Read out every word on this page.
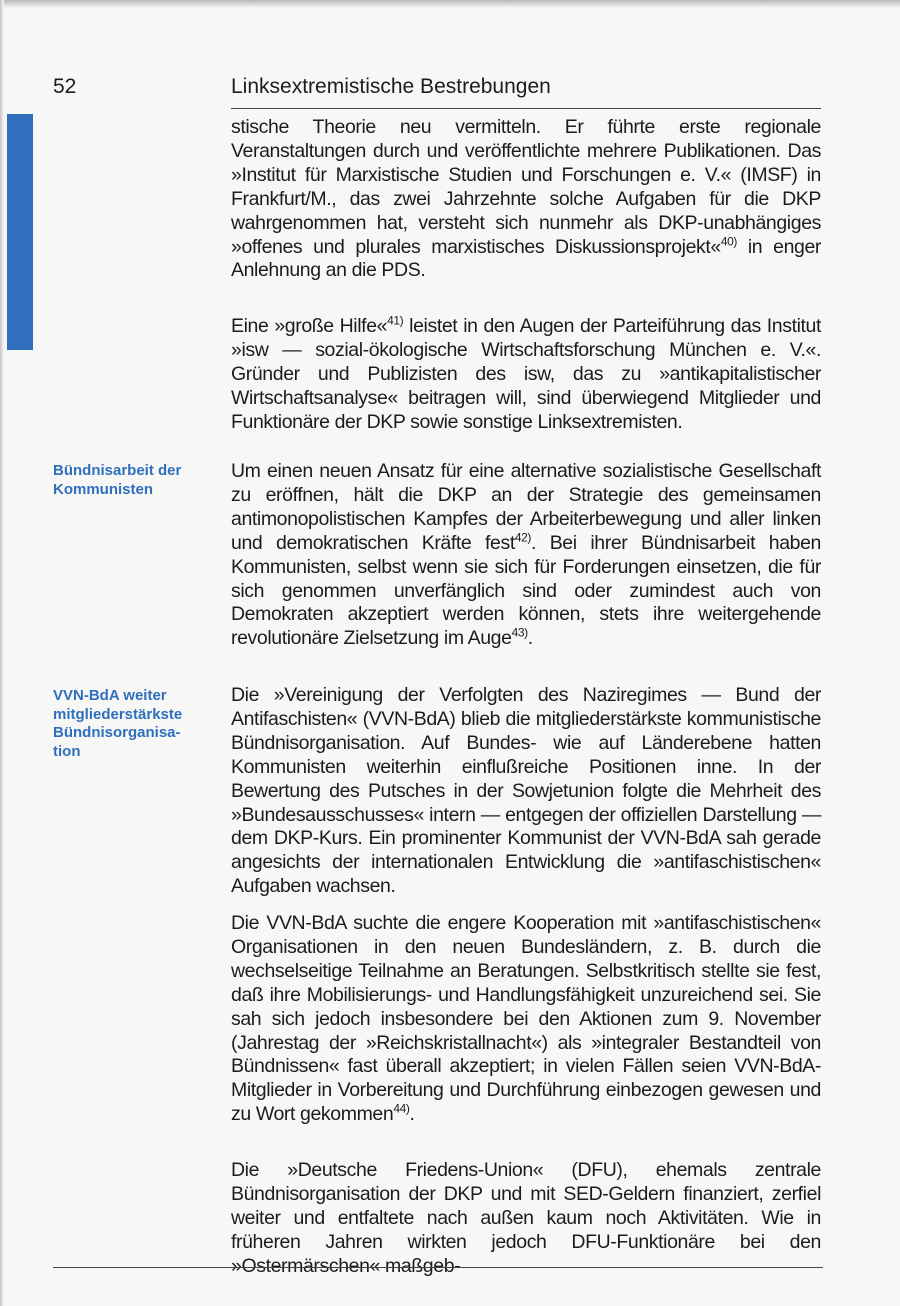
52	Linksextremistische Bestrebungen

stische Theorie neu vermitteln. Er führte erste regionale Veranstaltungen durch und veröffentlichte mehrere Publikationen. Das »Institut für Marxistische Studien und Forschungen e. V.« (IMSF) in Frankfurt/M., das zwei Jahrzehnte solche Aufgaben für die DKP wahrgenommen hat, versteht sich nunmehr als DKP-unabhängiges »offenes und plurales marxistisches Diskussionsprojekt«$^{40)}$ in enger Anlehnung an die PDS.

Eine »große Hilfe«$^{41)}$ leistet in den Augen der Parteiführung das Institut »isw — sozial-ökologische Wirtschaftsforschung München e. V.«. Gründer und Publizisten des isw, das zu »antikapitalistischer Wirtschaftsanalyse« beitragen will, sind überwiegend Mitglieder und Funktionäre der DKP sowie sonstige Linksextremisten.

Bündnisarbeit der
Kommunisten

Um einen neuen Ansatz für eine alternative sozialistische Gesellschaft zu eröffnen, hält die DKP an der Strategie des gemeinsamen antimonopolistischen Kampfes der Arbeiterbewegung und aller linken und demokratischen Kräfte fest$^{42)}$. Bei ihrer Bündnisarbeit haben Kommunisten, selbst wenn sie sich für Forderungen einsetzen, die für sich genommen unverfänglich sind oder zumindest auch von Demokraten akzeptiert werden können, stets ihre weitergehende revolutionäre Zielsetzung im Auge$^{43)}$.

VVN-BdA weiter
mitgliederstärkste
Bündnisorganisa-
tion

Die »Vereinigung der Verfolgten des Naziregimes — Bund der Antifaschisten« (VVN-BdA) blieb die mitgliederstärkste kommunistische Bündnisorganisation. Auf Bundes- wie auf Länderebene hatten Kommunisten weiterhin einflußreiche Positionen inne. In der Bewertung des Putsches in der Sowjetunion folgte die Mehrheit des »Bundesausschusses« intern — entgegen der offiziellen Darstellung — dem DKP-Kurs. Ein prominenter Kommunist der VVN-BdA sah gerade angesichts der internationalen Entwicklung die »antifaschistischen« Aufgaben wachsen.

Die VVN-BdA suchte die engere Kooperation mit »antifaschistischen« Organisationen in den neuen Bundesländern, z. B. durch die wechselseitige Teilnahme an Beratungen. Selbstkritisch stellte sie fest, daß ihre Mobilisierungs- und Handlungsfähigkeit unzureichend sei. Sie sah sich jedoch insbesondere bei den Aktionen zum 9. November (Jahrestag der »Reichskristallnacht«) als »integraler Bestandteil von Bündnissen« fast überall akzeptiert; in vielen Fällen seien VVN-BdA-Mitglieder in Vorbereitung und Durchführung einbezogen gewesen und zu Wort gekommen$^{44)}$.

Die »Deutsche Friedens-Union« (DFU), ehemals zentrale Bündnisorganisation der DKP und mit SED-Geldern finanziert, zerfiel weiter und entfaltete nach außen kaum noch Aktivitäten. Wie in früheren Jahren wirkten jedoch DFU-Funktionäre bei den »Ostermärschen« maßgeb-
